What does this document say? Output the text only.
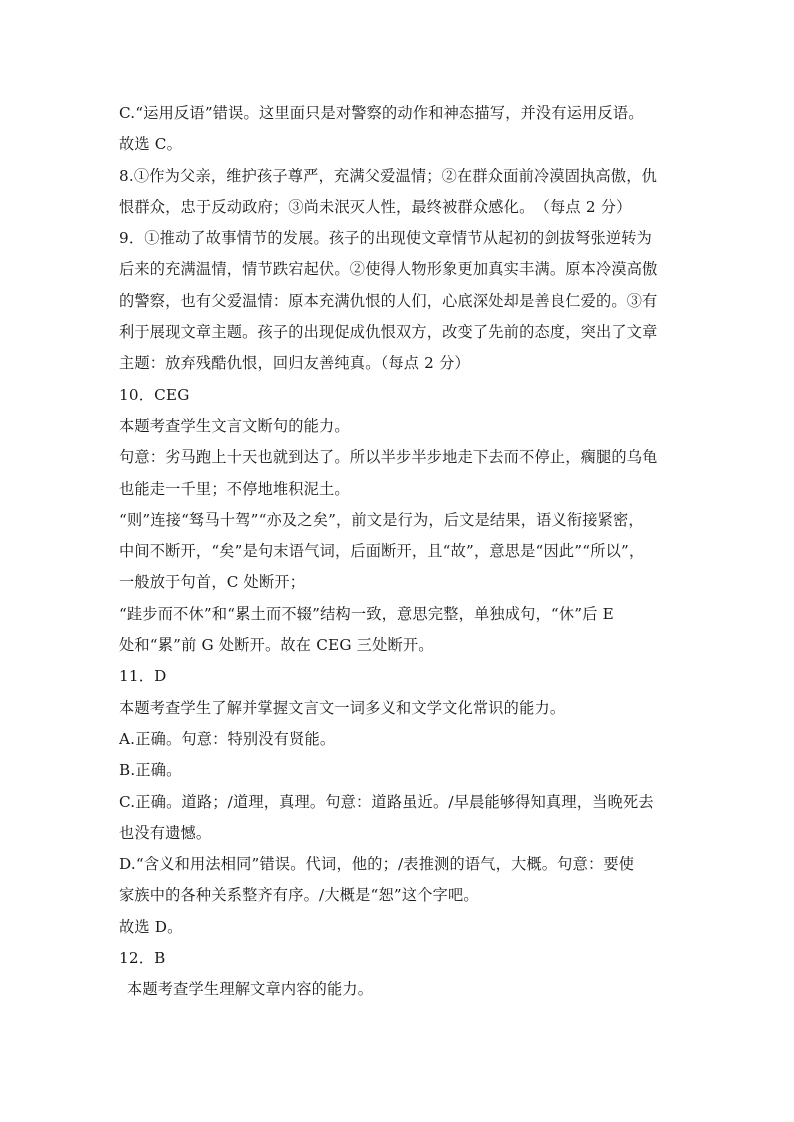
C.“运用反语”错误。这里面只是对警察的动作和神态描写，并没有运用反语。
故选 C。
8.①作为父亲，维护孩子尊严，充满父爱温情；②在群众面前冷漠固执高傲，仇
恨群众，忠于反动政府；③尚未泯灭人性，最终被群众感化。　（每点 2 分）
9．①推动了故事情节的发展。孩子的出现使文章情节从起初的剑拔弩张逆转为
后来的充满温情，情节跌宕起伏。②使得人物形象更加真实丰满。原本冷漠高傲
的警察，也有父爱温情：原本充满仇恨的人们，心底深处却是善良仁爱的。③有
利于展现文章主题。孩子的出现促成仇恨双方，改变了先前的态度，突出了文章
主题：放弃残酷仇恨，回归友善纯真。（每点 2 分）
10．CEG
本题考查学生文言文断句的能力。
句意：劣马跑上十天也就到达了。所以半步半步地走下去而不停止，瘸腿的乌龟
也能走一千里；不停地堆积泥土。
“则”连接“驽马十驾”“亦及之矣”，前文是行为，后文是结果，语义衔接紧密，
中间不断开，“矣”是句末语气词，后面断开，且“故”，意思是“因此”“所以”，
一般放于句首，C 处断开；
“跬步而不休”和“累土而不辍”结构一致，意思完整，单独成句，“休”后 E
处和“累”前 G 处断开。故在 CEG 三处断开。
11．D
本题考查学生了解并掌握文言文一词多义和文学文化常识的能力。
A.正确。句意：特别没有贤能。
B.正确。
C.正确。道路；/道理，真理。句意：道路虽近。/早晨能够得知真理，当晚死去
也没有遗憾。
D.“含义和用法相同”错误。代词，他的；/表推测的语气，大概。句意：要使
家族中的各种关系整齐有序。/大概是“恕”这个字吧。
故选 D。
12．B
本题考查学生理解文章内容的能力。
